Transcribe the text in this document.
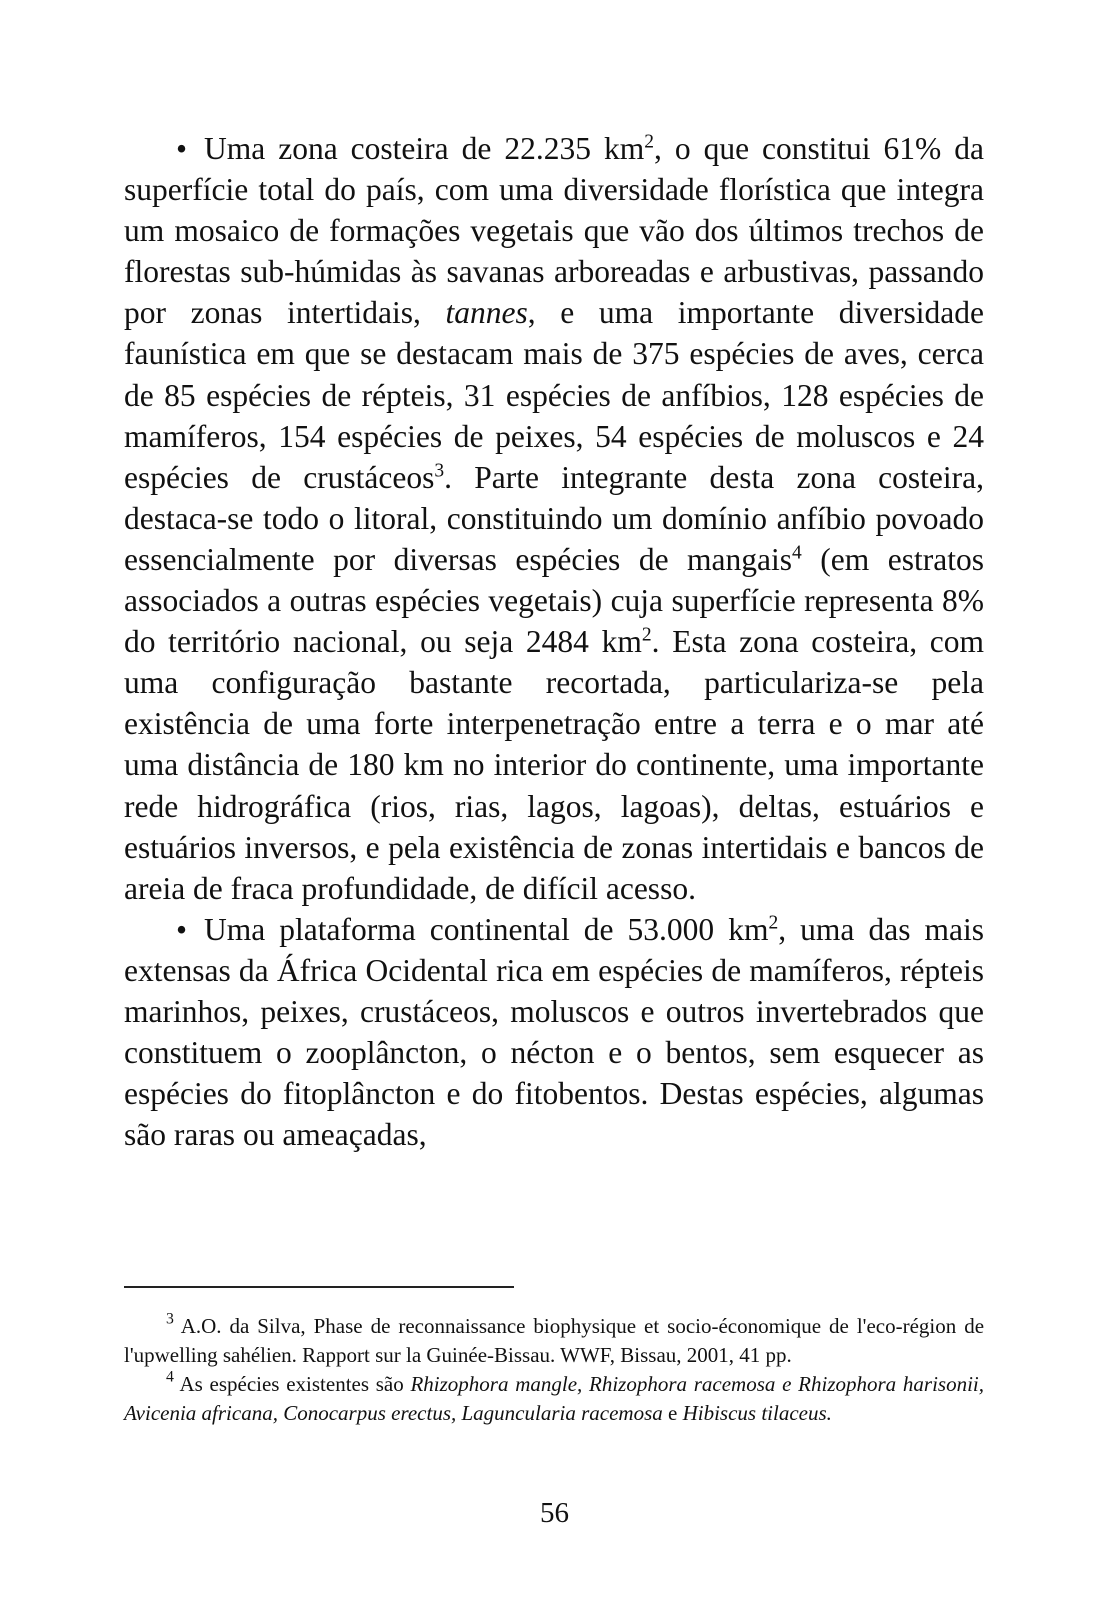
• Uma zona costeira de 22.235 $km^2$, o que constitui 61% da superfície total do país, com uma diversidade florística que integra um mosaico de formações vegetais que vão dos últimos trechos de florestas sub-húmidas às savanas arboreadas e arbustivas, passando por zonas intertidais, tannes, e uma importante diversidade faunística em que se destacam mais de 375 espécies de aves, cerca de 85 espécies de répteis, 31 espécies de anfíbios, 128 espécies de mamíferos, 154 espécies de peixes, 54 espécies de moluscos e 24 espécies de crustáceos$^3$. Parte integrante desta zona costeira, destaca-se todo o litoral, constituindo um domínio anfíbio povoado essencialmente por diversas espécies de mangais$^4$ (em estratos associados a outras espécies vegetais) cuja superfície representa 8% do território nacional, ou seja 2484 $km^2$. Esta zona costeira, com uma configuração bastante recortada, particulariza-se pela existência de uma forte interpenetração entre a terra e o mar até uma distância de 180 km no interior do continente, uma importante rede hidrográfica (rios, rias, lagos, lagoas), deltas, estuários e estuários inversos, e pela existência de zonas intertidais e bancos de areia de fraca profundidade, de difícil acesso.

• Uma plataforma continental de 53.000 $km^2$, uma das mais extensas da África Ocidental rica em espécies de mamíferos, répteis marinhos, peixes, crustáceos, moluscos e outros invertebrados que constituem o zooplâncton, o nécton e o bentos, sem esquecer as espécies do fitoplâncton e do fitobentos. Destas espécies, algumas são raras ou ameaçadas,

$^3$ A.O. da Silva, Phase de reconnaissance biophysique et socio-économique de l'eco-région de l'upwelling sahélien. Rapport sur la Guinée-Bissau. WWF, Bissau, 2001, 41 pp.

$^4$ As espécies existentes são Rhizophora mangle, Rhizophora racemosa e Rhizophora harisonii, Avicenia africana, Conocarpus erectus, Laguncularia racemosa e Hibiscus tilaceus.

56
